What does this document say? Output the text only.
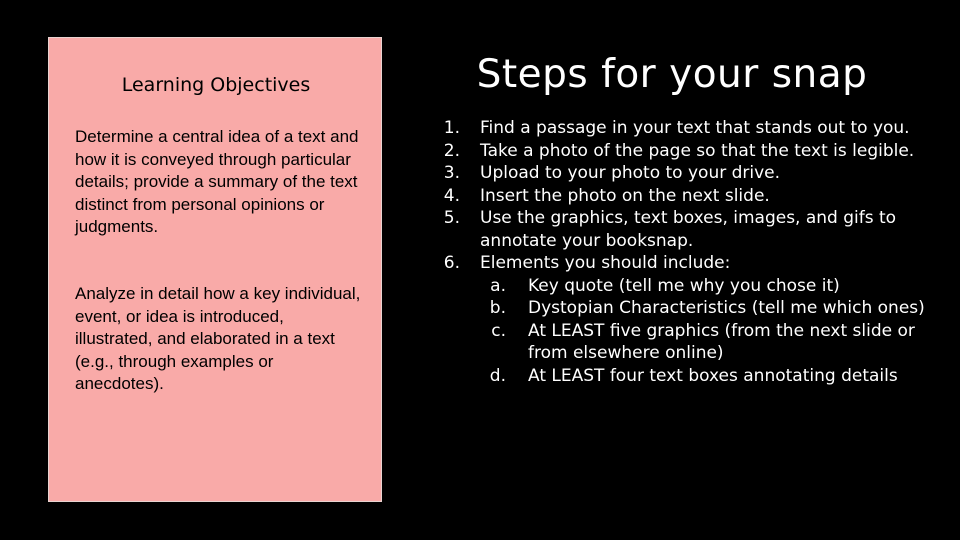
Learning Objectives
Determine a central idea of a text and how it is conveyed through particular details; provide a summary of the text distinct from personal opinions or judgments.
Analyze in detail how a key individual, event, or idea is introduced, illustrated, and elaborated in a text (e.g., through examples or anecdotes).
Steps for your snap
1. Find a passage in your text that stands out to you.
2. Take a photo of the page so that the text is legible.
3. Upload to your photo to your drive.
4. Insert the photo on the next slide.
5. Use the graphics, text boxes, images, and gifs to annotate your booksnap.
6. Elements you should include:
a. Key quote (tell me why you chose it)
b. Dystopian Characteristics (tell me which ones)
c. At LEAST five graphics (from the next slide or from elsewhere online)
d. At LEAST four text boxes annotating details
